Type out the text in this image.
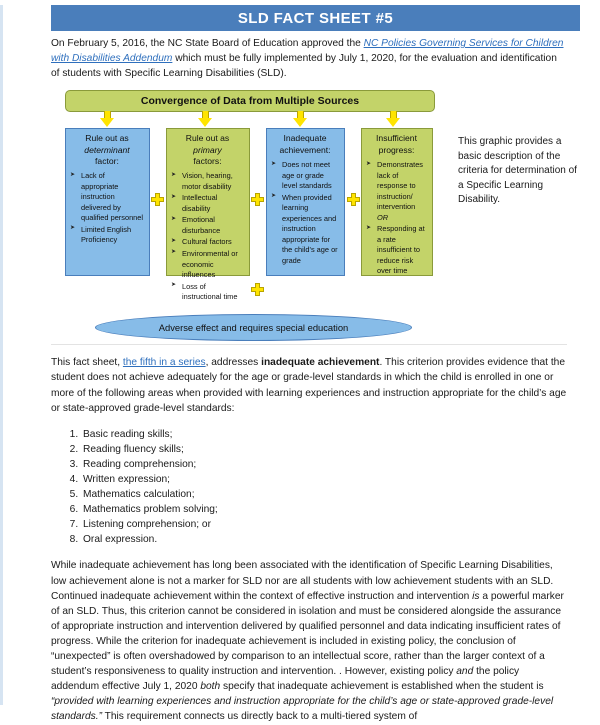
SLD FACT SHEET #5
On February 5, 2016, the NC State Board of Education approved the NC Policies Governing Services for Children with Disabilities Addendum which must be fully implemented by July 1, 2020, for the evaluation and identification of students with Specific Learning Disabilities (SLD).
Convergence of Data from Multiple Sources
Rule out as
determinant
factor:
➤ Lack of appropriate instruction delivered by qualified personnel
➤ Limited English Proficiency
Rule out as
primary
factors:
➤ Vision, hearing, motor disability
➤ Intellectual disability
➤ Emotional disturbance
➤ Cultural factors
➤ Environmental or economic influences
➤ Loss of instructional time
Inadequate
achievement:
➤ Does not meet age or grade level standards
➤ When provided learning experiences and instruction appropriate for the child's age or grade
Insufficient
progress:
➤ Demonstrates lack of response to instruction/ intervention OR
➤ Responding at a rate insufficient to reduce risk over time
This graphic provides a basic description of the criteria for determination of a Specific Learning Disability.
Adverse effect and requires special education

This fact sheet, the fifth in a series, addresses inadequate achievement. This criterion provides evidence that the student does not achieve adequately for the age or grade-level standards in which the child is enrolled in one or more of the following areas when provided with learning experiences and instruction appropriate for the child’s age or state-approved grade-level standards:

1. Basic reading skills;
2. Reading fluency skills;
3. Reading comprehension;
4. Written expression;
5. Mathematics calculation;
6. Mathematics problem solving;
7. Listening comprehension; or
8. Oral expression.

While inadequate achievement has long been associated with the identification of Specific Learning Disabilities, low achievement alone is not a marker for SLD nor are all students with low achievement students with an SLD. Continued inadequate achievement within the context of effective instruction and intervention is a powerful marker of an SLD. Thus, this criterion cannot be considered in isolation and must be considered alongside the assurance of appropriate instruction and intervention delivered by qualified personnel and data indicating insufficient rates of progress. While the criterion for inadequate achievement is included in existing policy, the conclusion of “unexpected” is often overshadowed by comparison to an intellectual score, rather than the larger context of a student’s responsiveness to quality instruction and intervention. . However, existing policy and the policy addendum effective July 1, 2020 both specify that inadequate achievement is established when the student is “provided with learning experiences and instruction appropriate for the child’s age or state-approved grade-level standards.” This requirement connects us directly back to a multi-tiered system of
